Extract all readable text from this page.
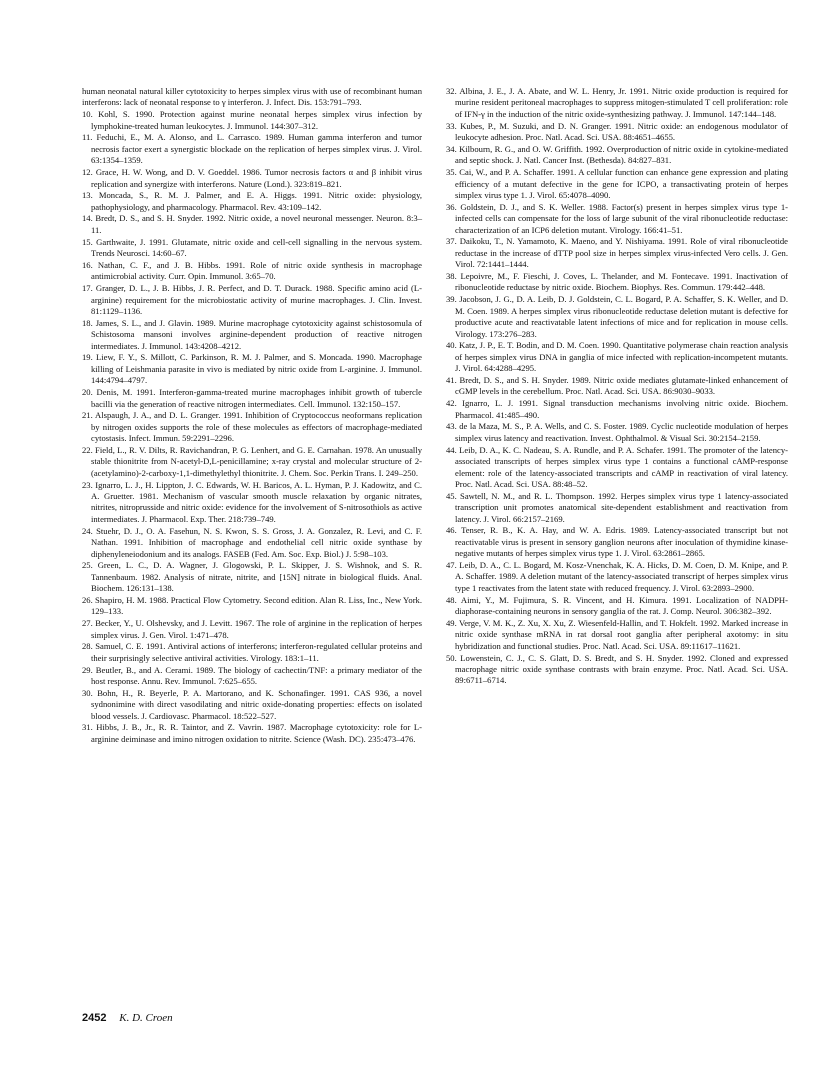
human neonatal natural killer cytotoxicity to herpes simplex virus with use of recombinant human interferons: lack of neonatal response to γ interferon. J. Infect. Dis. 153:791–793.

10. Kohl, S. 1990. Protection against murine neonatal herpes simplex virus infection by lymphokine-treated human leukocytes. J. Immunol. 144:307–312.

11. Feduchi, E., M. A. Alonso, and L. Carrasco. 1989. Human gamma interferon and tumor necrosis factor exert a synergistic blockade on the replication of herpes simplex virus. J. Virol. 63:1354–1359.

12. Grace, H. W. Wong, and D. V. Goeddel. 1986. Tumor necrosis factors α and β inhibit virus replication and synergize with interferons. Nature (Lond.). 323:819–821.

13. Moncada, S., R. M. J. Palmer, and E. A. Higgs. 1991. Nitric oxide: physiology, pathophysiology, and pharmacology. Pharmacol. Rev. 43:109–142.

14. Bredt, D. S., and S. H. Snyder. 1992. Nitric oxide, a novel neuronal messenger. Neuron. 8:3–11.

15. Garthwaite, J. 1991. Glutamate, nitric oxide and cell-cell signalling in the nervous system. Trends Neurosci. 14:60–67.

16. Nathan, C. F., and J. B. Hibbs. 1991. Role of nitric oxide synthesis in macrophage antimicrobial activity. Curr. Opin. Immunol. 3:65–70.

17. Granger, D. L., J. B. Hibbs, J. R. Perfect, and D. T. Durack. 1988. Specific amino acid (L-arginine) requirement for the microbiostatic activity of murine macrophages. J. Clin. Invest. 81:1129–1136.

18. James, S. L., and J. Glavin. 1989. Murine macrophage cytotoxicity against schistosomula of Schistosoma mansoni involves arginine-dependent production of reactive nitrogen intermediates. J. Immunol. 143:4208–4212.

19. Liew, F. Y., S. Millott, C. Parkinson, R. M. J. Palmer, and S. Moncada. 1990. Macrophage killing of Leishmania parasite in vivo is mediated by nitric oxide from L-arginine. J. Immunol. 144:4794–4797.

20. Denis, M. 1991. Interferon-gamma-treated murine macrophages inhibit growth of tubercle bacilli via the generation of reactive nitrogen intermediates. Cell. Immunol. 132:150–157.

21. Alspaugh, J. A., and D. L. Granger. 1991. Inhibition of Cryptococcus neoformans replication by nitrogen oxides supports the role of these molecules as effectors of macrophage-mediated cytostasis. Infect. Immun. 59:2291–2296.

22. Field, L., R. V. Dilts, R. Ravichandran, P. G. Lenhert, and G. E. Carnahan. 1978. An unusually stable thionitrite from N-acetyl-D,L-penicillamine; x-ray crystal and molecular structure of 2-(acetylamino)-2-carboxy-1,1-dimethylethyl thionitrite. J. Chem. Soc. Perkin Trans. I. 249–250.

23. Ignarro, L. J., H. Lippton, J. C. Edwards, W. H. Baricos, A. L. Hyman, P. J. Kadowitz, and C. A. Gruetter. 1981. Mechanism of vascular smooth muscle relaxation by organic nitrates, nitrites, nitroprusside and nitric oxide: evidence for the involvement of S-nitrosothiols as active intermediates. J. Pharmacol. Exp. Ther. 218:739–749.

24. Stuehr, D. J., O. A. Fasehun, N. S. Kwon, S. S. Gross, J. A. Gonzalez, R. Levi, and C. F. Nathan. 1991. Inhibition of macrophage and endothelial cell nitric oxide synthase by diphenyleneiodonium and its analogs. FASEB (Fed. Am. Soc. Exp. Biol.) J. 5:98–103.

25. Green, L. C., D. A. Wagner, J. Glogowski, P. L. Skipper, J. S. Wishnok, and S. R. Tannenbaum. 1982. Analysis of nitrate, nitrite, and [15N] nitrate in biological fluids. Anal. Biochem. 126:131–138.

26. Shapiro, H. M. 1988. Practical Flow Cytometry. Second edition. Alan R. Liss, Inc., New York. 129–133.

27. Becker, Y., U. Olshevsky, and J. Levitt. 1967. The role of arginine in the replication of herpes simplex virus. J. Gen. Virol. 1:471–478.

28. Samuel, C. E. 1991. Antiviral actions of interferons; interferon-regulated cellular proteins and their surprisingly selective antiviral activities. Virology. 183:1–11.

29. Beutler, B., and A. Cerami. 1989. The biology of cachectin/TNF: a primary mediator of the host response. Annu. Rev. Immunol. 7:625–655.

30. Bohn, H., R. Beyerle, P. A. Martorano, and K. Schonafinger. 1991. CAS 936, a novel sydnonimine with direct vasodilating and nitric oxide-donating properties: effects on isolated blood vessels. J. Cardiovasc. Pharmacol. 18:522–527.

31. Hibbs, J. B., Jr., R. R. Taintor, and Z. Vavrin. 1987. Macrophage cytotoxicity: role for L-arginine deiminase and imino nitrogen oxidation to nitrite. Science (Wash. DC). 235:473–476.

32. Albina, J. E., J. A. Abate, and W. L. Henry, Jr. 1991. Nitric oxide production is required for murine resident peritoneal macrophages to suppress mitogen-stimulated T cell proliferation: role of IFN-γ in the induction of the nitric oxide-synthesizing pathway. J. Immunol. 147:144–148.

33. Kubes, P., M. Suzuki, and D. N. Granger. 1991. Nitric oxide: an endogenous modulator of leukocyte adhesion. Proc. Natl. Acad. Sci. USA. 88:4651–4655.

34. Kilbourn, R. G., and O. W. Griffith. 1992. Overproduction of nitric oxide in cytokine-mediated and septic shock. J. Natl. Cancer Inst. (Bethesda). 84:827–831.

35. Cai, W., and P. A. Schaffer. 1991. A cellular function can enhance gene expression and plating efficiency of a mutant defective in the gene for ICPO, a transactivating protein of herpes simplex virus type 1. J. Virol. 65:4078–4090.

36. Goldstein, D. J., and S. K. Weller. 1988. Factor(s) present in herpes simplex virus type 1-infected cells can compensate for the loss of large subunit of the viral ribonucleotide reductase: characterization of an ICP6 deletion mutant. Virology. 166:41–51.

37. Daikoku, T., N. Yamamoto, K. Maeno, and Y. Nishiyama. 1991. Role of viral ribonucleotide reductase in the increase of dTTP pool size in herpes simplex virus-infected Vero cells. J. Gen. Virol. 72:1441–1444.

38. Lepoivre, M., F. Fieschi, J. Coves, L. Thelander, and M. Fontecave. 1991. Inactivation of ribonucleotide reductase by nitric oxide. Biochem. Biophys. Res. Commun. 179:442–448.

39. Jacobson, J. G., D. A. Leib, D. J. Goldstein, C. L. Bogard, P. A. Schaffer, S. K. Weller, and D. M. Coen. 1989. A herpes simplex virus ribonucleotide reductase deletion mutant is defective for productive acute and reactivatable latent infections of mice and for replication in mouse cells. Virology. 173:276–283.

40. Katz, J. P., E. T. Bodin, and D. M. Coen. 1990. Quantitative polymerase chain reaction analysis of herpes simplex virus DNA in ganglia of mice infected with replication-incompetent mutants. J. Virol. 64:4288–4295.

41. Bredt, D. S., and S. H. Snyder. 1989. Nitric oxide mediates glutamate-linked enhancement of cGMP levels in the cerebellum. Proc. Natl. Acad. Sci. USA. 86:9030–9033.

42. Ignarro, L. J. 1991. Signal transduction mechanisms involving nitric oxide. Biochem. Pharmacol. 41:485–490.

43. de la Maza, M. S., P. A. Wells, and C. S. Foster. 1989. Cyclic nucleotide modulation of herpes simplex virus latency and reactivation. Invest. Ophthalmol. & Visual Sci. 30:2154–2159.

44. Leib, D. A., K. C. Nadeau, S. A. Rundle, and P. A. Schafer. 1991. The promoter of the latency-associated transcripts of herpes simplex virus type 1 contains a functional cAMP-response element: role of the latency-associated transcripts and cAMP in reactivation of viral latency. Proc. Natl. Acad. Sci. USA. 88:48–52.

45. Sawtell, N. M., and R. L. Thompson. 1992. Herpes simplex virus type 1 latency-associated transcription unit promotes anatomical site-dependent establishment and reactivation from latency. J. Virol. 66:2157–2169.

46. Tenser, R. B., K. A. Hay, and W. A. Edris. 1989. Latency-associated transcript but not reactivatable virus is present in sensory ganglion neurons after inoculation of thymidine kinase-negative mutants of herpes simplex virus type 1. J. Virol. 63:2861–2865.

47. Leib, D. A., C. L. Bogard, M. Kosz-Vnenchak, K. A. Hicks, D. M. Coen, D. M. Knipe, and P. A. Schaffer. 1989. A deletion mutant of the latency-associated transcript of herpes simplex virus type 1 reactivates from the latent state with reduced frequency. J. Virol. 63:2893–2900.

48. Aimi, Y., M. Fujimura, S. R. Vincent, and H. Kimura. 1991. Localization of NADPH-diaphorase-containing neurons in sensory ganglia of the rat. J. Comp. Neurol. 306:382–392.

49. Verge, V. M. K., Z. Xu, X. Xu, Z. Wiesenfeld-Hallin, and T. Hokfelt. 1992. Marked increase in nitric oxide synthase mRNA in rat dorsal root ganglia after peripheral axotomy: in situ hybridization and functional studies. Proc. Natl. Acad. Sci. USA. 89:11617–11621.

50. Lowenstein, C. J., C. S. Glatt, D. S. Bredt, and S. H. Snyder. 1992. Cloned and expressed macrophage nitric oxide synthase contrasts with brain enzyme. Proc. Natl. Acad. Sci. USA. 89:6711–6714.

2452 K. D. Croen
